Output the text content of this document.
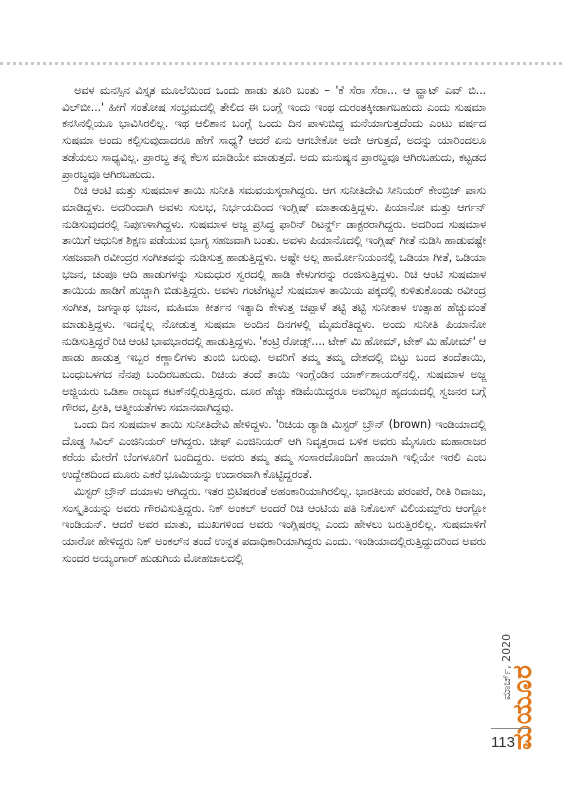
ಅವಳ ಮನಸ್ಸಿನ ವಿಸ್ತೃತ ಮೂಲೆಯಿಂದ ಒಂದು ಹಾಡು ತೂರಿ ಬಂತು – 'ಕೆ ಸೆರಾ ಸೆರಾ... ಆ ವ್ಹಾಟ್ ಎವ್ ಬಿ... ವಿಲ್‌ಬೀ...' ಹೀಗೆ ಸಂತೋಷ ಸಂಭ್ರಮದಲ್ಲಿ ತೇಲಿದ ಈ ಬಂಗ್ಲೆ ಇಂದು ಇಂಥ ದುರಂತಕ್ಕೀಡಾಗಬಹುದು ಎಂದು ಸುಷಮಾ ಕನಸಿನಲ್ಲಿಯೂ ಭಾವಿಸಿರಲಿಲ್ಲ. ಇಥ ಆಲಿಶಾನ ಬಂಗ್ಲೆ ಒಂದು ದಿನ ಪಾಳುಬಿದ್ದ ಮನೆಯಾಗುತ್ತದೆಂದು ಎಂಟು ವರ್ಷದ ಸುಷಮಾ ಅಂದು ಕಲ್ಪಿಸುವುದಾದರೂ ಹೇಗೆ ಸಾಧ್ಯ? ಆದರೆ ಏನು ಆಗಬೇಕೋ ಅದೇ ಆಗುತ್ತದೆ, ಅದನ್ನು ಯಾರಿಂದಲೂ ತಡೆಯಲು ಸಾಧ್ಯವಿಲ್ಲ. ಪ್ರಾರಬ್ಧ ತನ್ನ ಕೆಲಸ ಮಾಡಿಯೇ ಮಾಡುತ್ತದೆ. ಅದು ಮನುಷ್ಯನ ಪ್ರಾರಬ್ಧವೂ ಆಗಿರಬಹುದು, ಕಟ್ಟಡದ ಪ್ರಾರಬ್ಧವೂ ಆಗಿರಬಹುದು.

ರಿಚಿ ಆಂಟಿ ಮತ್ತು ಸುಷಮಾಳ ತಾಯಿ ಸುನೀತಿ ಸಮವಯಸ್ಕರಾಗಿದ್ದರು. ಆಗ ಸುನೀತಿದೇವಿ ಸೀನಿಯರ್ ಕೇಂಬ್ರಿಜ್ ಪಾಸು ಮಾಡಿದ್ದಳು. ಅದರಿಂದಾಗಿ ಅವಳು ಸುಲಭ, ನಿರ್ಭಯದಿಂದ ಇಂಗ್ಲಿಷ್ ಮಾತಾಡುತ್ತಿದ್ದಳು. ಪಿಯಾನೋ ಮತ್ತು ಆರ್ಗನ್ ನುಡಿಸುವುದರಲ್ಲಿ ನಿಪುಣಳಾಗಿದ್ದಳು. ಸುಷಮಾಳ ಅಜ್ಜ ಪ್ರಸಿದ್ಧ ಫಾರಿನ್ ರಿಟರ್ನ್ಡ್ ಡಾಕ್ಟರರಾಗಿದ್ದರು. ಅದರಿಂದ ಸುಷಮಾಳ ತಾಯಿಗೆ ಆಧುನಿಕ ಶಿಕ್ಷಣ ಪಡೆಯುವ ಭಾಗ್ಯ ಸಹಜವಾಗಿ ಬಂತು. ಅವಳು ಪಿಯಾನೊದಲ್ಲಿ ಇಂಗ್ಲಿಷ್ ಗೀತೆ ನುಡಿಸಿ ಹಾಡುವಷ್ಟೇ ಸಹಜವಾಗಿ ರವೀಂದ್ರರ ಸಂಗೀತವನ್ನು ನುಡಿಸುತ್ತ ಹಾಡುತ್ತಿದ್ದಳು. ಅಷ್ಟೇ ಅಲ್ಲ ಹಾರ್ಮೋನಿಯಂನಲ್ಲಿ ಒಡಿಯಾ ಗೀತೆ, ಒಡಿಯಾ ಭಜನ, ಚಂಪೂ ಆದಿ ಹಾಡುಗಳನ್ನು ಸುಮಧುರ ಸ್ವರದಲ್ಲಿ ಹಾಡಿ ಕೇಳುಗರನ್ನು ರಂಜಿಸುತ್ತಿದ್ದಳು. ರಿಚಿ ಆಂಟಿ ಸುಷಮಾಳ ತಾಯಿಯ ಹಾಡಿಗೆ ಹುಚ್ಚಾಗಿ ಬಿಡುತ್ತಿದ್ದರು. ಅವಳು ಗಂಟೆಗಟ್ಟಲೆ ಸುಷಮಾಳ ತಾಯಿಯ ಪಕ್ಕದಲ್ಲಿ ಕುಳಿತುಕೊಂಡು ರವೀಂದ್ರ ಸಂಗೀತ, ಜಗನ್ನಾಥ ಭಜನ, ಮಹಿಮಾ ಕೀರ್ತನ ಇತ್ಯಾದಿ ಕೇಳುತ್ತ ಚಪ್ಪಾಳೆ ತಟ್ಟಿ ತಟ್ಟಿ ಸುನೀತಾಳ ಉತ್ಸಾಹ ಹೆಚ್ಚುವಂತೆ ಮಾಡುತ್ತಿದ್ದಳು. ಇದನ್ನೆಲ್ಲ ನೋಡುತ್ತ ಸುಷಮಾ ಅಂದಿನ ದಿನಗಳಲ್ಲಿ ಮೈಮರೆತಿದ್ದಳು. ಅಂದು ಸುನೀತಿ ಪಿಯಾನೋ ನುಡಿಸುತ್ತಿದ್ದರೆ ರಿಚಿ ಆಂಟಿ ಭಾವಭಾರದಲ್ಲಿ ಹಾಡುತ್ತಿದ್ದಳು. 'ಕಂಟ್ರಿ ರೋಡ್ಸ್.... ಟೇಕ್ ಮಿ ಹೋಮ್, ಟೇಕ್ ಮಿ ಹೋಮ್' ಆ ಹಾಡು ಹಾಡುತ್ತ ಇಬ್ಬರ ಕಣ್ಣಾಲಿಗಳು ತುಂಬಿ ಬರುವು. ಅವರಿಗೆ ತಮ್ಮ ತಮ್ಮ ದೇಶದಲ್ಲಿ ಬಿಟ್ಟು ಬಂದ ತಂದೆತಾಯಿ, ಬಂಧುಬಳಗದ ನೆನಪು ಬಂದಿರಬಹುದು. ರಿಚಿಯ ತಂದೆ ತಾಯಿ ಇಂಗ್ಲೆಂಡಿನ ಯಾರ್ಕ್‌ಶಾಯರ್‌ನಲ್ಲಿ. ಸುಷಮಾಳ ಅಜ್ಜ ಅಜ್ಜಿಯರು ಒಡಿಶಾ ರಾಜ್ಯದ ಕಟಕ್‌ನಲ್ಲಿರುತ್ತಿದ್ದರು. ದೂರ ಹೆಚ್ಚು ಕಡಿಮೆಯಿದ್ದರೂ ಅವರಿಬ್ಬರ ಹೃದಯದಲ್ಲಿ ಸ್ವಜನರ ಬಗ್ಗೆ ಗೌರವ, ಪ್ರೀತಿ, ಆತ್ಮೀಯತೆಗಳು ಸಮಾನವಾಗಿದ್ದವು.

ಒಂದು ದಿನ ಸುಷಮಾಳ ತಾಯಿ ಸುನೀತಿದೇವಿ ಹೇಳಿದ್ದಳು. 'ರಿಚಿಯ ಡ್ಯಾಡಿ ಮಿಸ್ಟರ್ ಬ್ರೌನ್ (brown) ಇಂಡಿಯಾದಲ್ಲಿ ದೊಡ್ಡ ಸಿವಿಲ್ ಎಂಜಿನಿಯರ್ ಆಗಿದ್ದರು. ಚೀಫ್ ಎಂಜಿನಿಯರ್ ಆಗಿ ನಿವೃತ್ತರಾದ ಬಳಿಕ ಅವರು ಮೈಸೂರು ಮಹಾರಾಜರ ಕರೆಯ ಮೇರೆಗೆ ಬೆಂಗಳೂರಿಗೆ ಬಂದಿದ್ದರು. ಅವರು ತಮ್ಮ ತಮ್ಮ ಸಂಸಾರದೊಂದಿಗೆ ಹಾಯಾಗಿ ಇಲ್ಲಿಯೇ ಇರಲಿ ಎಂಬ ಉದ್ದೇಶದಿಂದ ಮೂರು ಎಕರೆ ಭೂಮಿಯನ್ನು ಉದಾರವಾಗಿ ಕೊಟ್ಟಿದ್ದರಂತೆ.

ಮಿಸ್ಟರ್ ಬ್ರೌನ್ ದಯಾಳು ಆಗಿದ್ದರು. ಇತರ ಬ್ರಿಟಿಷರಂತೆ ಅಹಂಕಾರಿಯಾಗಿರಲಿಲ್ಲ. ಭಾರತೀಯ ಪರಂಪರೆ, ರೀತಿ ರಿವಾಜು, ಸಂಸ್ಕೃತಿಯನ್ನು ಅವರು ಗೌರವಿಸುತ್ತಿದ್ದರು. ನಿಕ್ ಅಂಕಲ್ ಅಂದರೆ ರಿಚಿ ಆಂಟಿಯ ಪತಿ ನಿಕೊಲಸ್ ವಿಲಿಯಮ್ಸ್‌ರು ಆಂಗ್ಲೋ ಇಂಡಿಯನ್. ಆದರೆ ಅವರ ಮಾತು, ಮುಖಗಳಿಂದ ಅವರು ಇಂಗ್ಲಿಷರಲ್ಲ ಎಂದು ಹೇಳಲು ಬರುತ್ತಿರಲಿಲ್ಲ. ಸುಷಮಾಳಿಗೆ ಯಾರೋ ಹೇಳಿದ್ದರು ನಿಕ್ ಅಂಕಲ್‌ನ ತಂದೆ ಉನ್ನತ ಪದಾಧಿಕಾರಿಯಾಗಿದ್ದರು ಎಂದು. ಇಂಡಿಯಾದಲ್ಲಿರುತ್ತಿದ್ದುದರಿಂದ ಅವರು ಸುಂದರ ಅಯ್ಯಂಗಾರ್ ಹುಡುಗಿಯ ಮೋಹಜಾಲದಲ್ಲಿ

ಮಾರ್ಚ್, 2020
ಮಯೂರ
113
